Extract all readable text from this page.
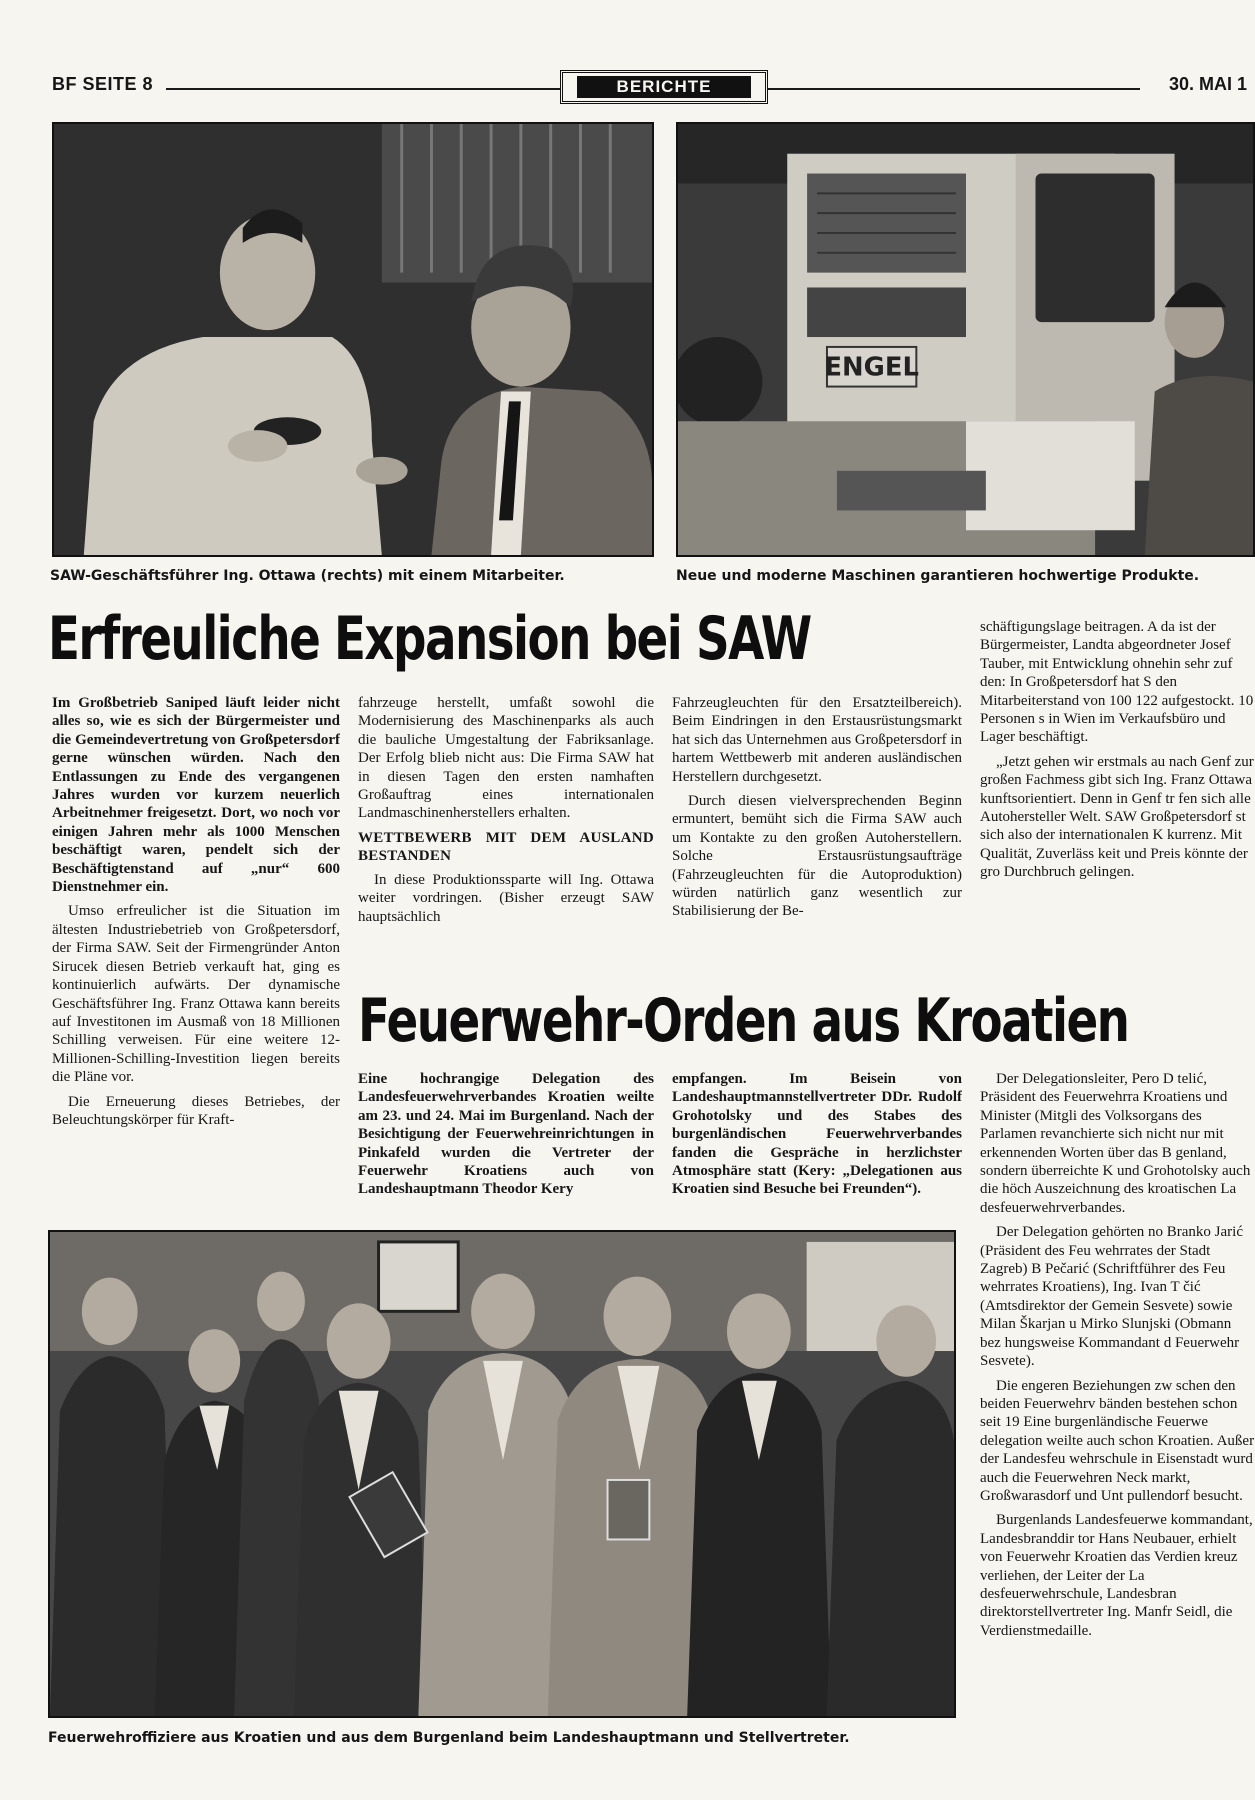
BF SEITE 8	BERICHTE	30. MAI 1
SAW-Geschäftsführer Ing. Ottawa (rechts) mit einem Mitarbeiter.
ENGEL
Neue und moderne Maschinen garantieren hochwertige Produkte.
Erfreuliche Expansion bei SAW

Im Großbetrieb Saniped läuft leider nicht alles so, wie es sich der Bürgermeister und die Gemeindevertretung von Großpetersdorf gerne wünschen würden. Nach den Entlassungen zu Ende des vergangenen Jahres wurden vor kurzem neuerlich Arbeitnehmer freigesetzt. Dort, wo noch vor einigen Jahren mehr als 1000 Menschen beschäftigt waren, pendelt sich der Beschäftigtenstand auf „nur“ 600 Dienstnehmer ein.

Umso erfreulicher ist die Situation im ältesten Industriebetrieb von Großpetersdorf, der Firma SAW. Seit der Firmengründer Anton Sirucek diesen Betrieb verkauft hat, ging es kontinuierlich aufwärts. Der dynamische Geschäftsführer Ing. Franz Ottawa kann bereits auf Investitonen im Ausmaß von 18 Millionen Schilling verweisen. Für eine weitere 12-Millionen-Schilling-Investition liegen bereits die Pläne vor.

Die Erneuerung dieses Betriebes, der Beleuchtungskörper für Kraft-

fahrzeuge herstellt, umfaßt sowohl die Modernisierung des Maschinenparks als auch die bauliche Umgestaltung der Fabriksanlage. Der Erfolg blieb nicht aus: Die Firma SAW hat in diesen Tagen den ersten namhaften Großauftrag eines internationalen Landmaschinenherstellers erhalten.

WETTBEWERB MIT DEM AUSLAND BESTANDEN

In diese Produktionssparte will Ing. Ottawa weiter vordringen. (Bisher erzeugt SAW hauptsächlich

Fahrzeugleuchten für den Ersatzteilbereich). Beim Eindringen in den Erstausrüstungsmarkt hat sich das Unternehmen aus Großpetersdorf in hartem Wettbewerb mit anderen ausländischen Herstellern durchgesetzt.

Durch diesen vielversprechenden Beginn ermuntert, bemüht sich die Firma SAW auch um Kontakte zu den großen Autoherstellern. Solche Erstausrüstungsaufträge (Fahrzeugleuchten für die Autoproduktion) würden natürlich ganz wesentlich zur Stabilisierung der Be-

schäftigungslage beitragen. A da ist der Bürgermeister, Landta abgeordneter Josef Tauber, mit Entwicklung ohnehin sehr zuf den: In Großpetersdorf hat S den Mitarbeiterstand von 100 122 aufgestockt. 10 Personen s in Wien im Verkaufsbüro und Lager beschäftigt.

„Jetzt gehen wir erstmals au nach Genf zur großen Fachmess gibt sich Ing. Franz Ottawa kunftsorientiert. Denn in Genf tr fen sich alle Autohersteller Welt. SAW Großpetersdorf st sich also der internationalen K kurrenz. Mit Qualität, Zuverläss keit und Preis könnte der gro Durchbruch gelingen.

Feuerwehr-Orden aus Kroatien

Eine hochrangige Delegation des Landesfeuerwehrverbandes Kroatien weilte am 23. und 24. Mai im Burgenland. Nach der Besichtigung der Feuerwehreinrichtungen in Pinkafeld wurden die Vertreter der Feuerwehr Kroatiens auch von Landeshauptmann Theodor Kery

empfangen. Im Beisein von Landeshauptmannstellvertreter DDr. Rudolf Grohotolsky und des Stabes des burgenländischen Feuerwehrverbandes fanden die Gespräche in herzlichster Atmosphäre statt (Kery: „Delegationen aus Kroatien sind Besuche bei Freunden“).

Der Delegationsleiter, Pero D telić, Präsident des Feuerwehrra Kroatiens und Minister (Mitgli des Volksorgans des Parlamen revanchierte sich nicht nur mit erkennenden Worten über das B genland, sondern überreichte K und Grohotolsky auch die höch Auszeichnung des kroatischen La desfeuerwehrverbandes.

Der Delegation gehörten no Branko Jarić (Präsident des Feu wehrrates der Stadt Zagreb) B Pečarić (Schriftführer des Feu wehrrates Kroatiens), Ing. Ivan T čić (Amtsdirektor der Gemein Sesvete) sowie Milan Škarjan u Mirko Slunjski (Obmann bez hungsweise Kommandant d Feuerwehr Sesvete).

Die engeren Beziehungen zw schen den beiden Feuerwehrv bänden bestehen schon seit 19 Eine burgenländische Feuerwe delegation weilte auch schon Kroatien. Außer der Landesfeu wehrschule in Eisenstadt wurd auch die Feuerwehren Neck markt, Großwarasdorf und Unt pullendorf besucht.

Burgenlands Landesfeuerwe kommandant, Landesbranddir tor Hans Neubauer, erhielt von Feuerwehr Kroatien das Verdien kreuz verliehen, der Leiter der La desfeuerwehrschule, Landesbran direktorstellvertreter Ing. Manfr Seidl, die Verdienstmedaille.

Feuerwehroffiziere aus Kroatien und aus dem Burgenland beim Landeshauptmann und Stellvertreter.
